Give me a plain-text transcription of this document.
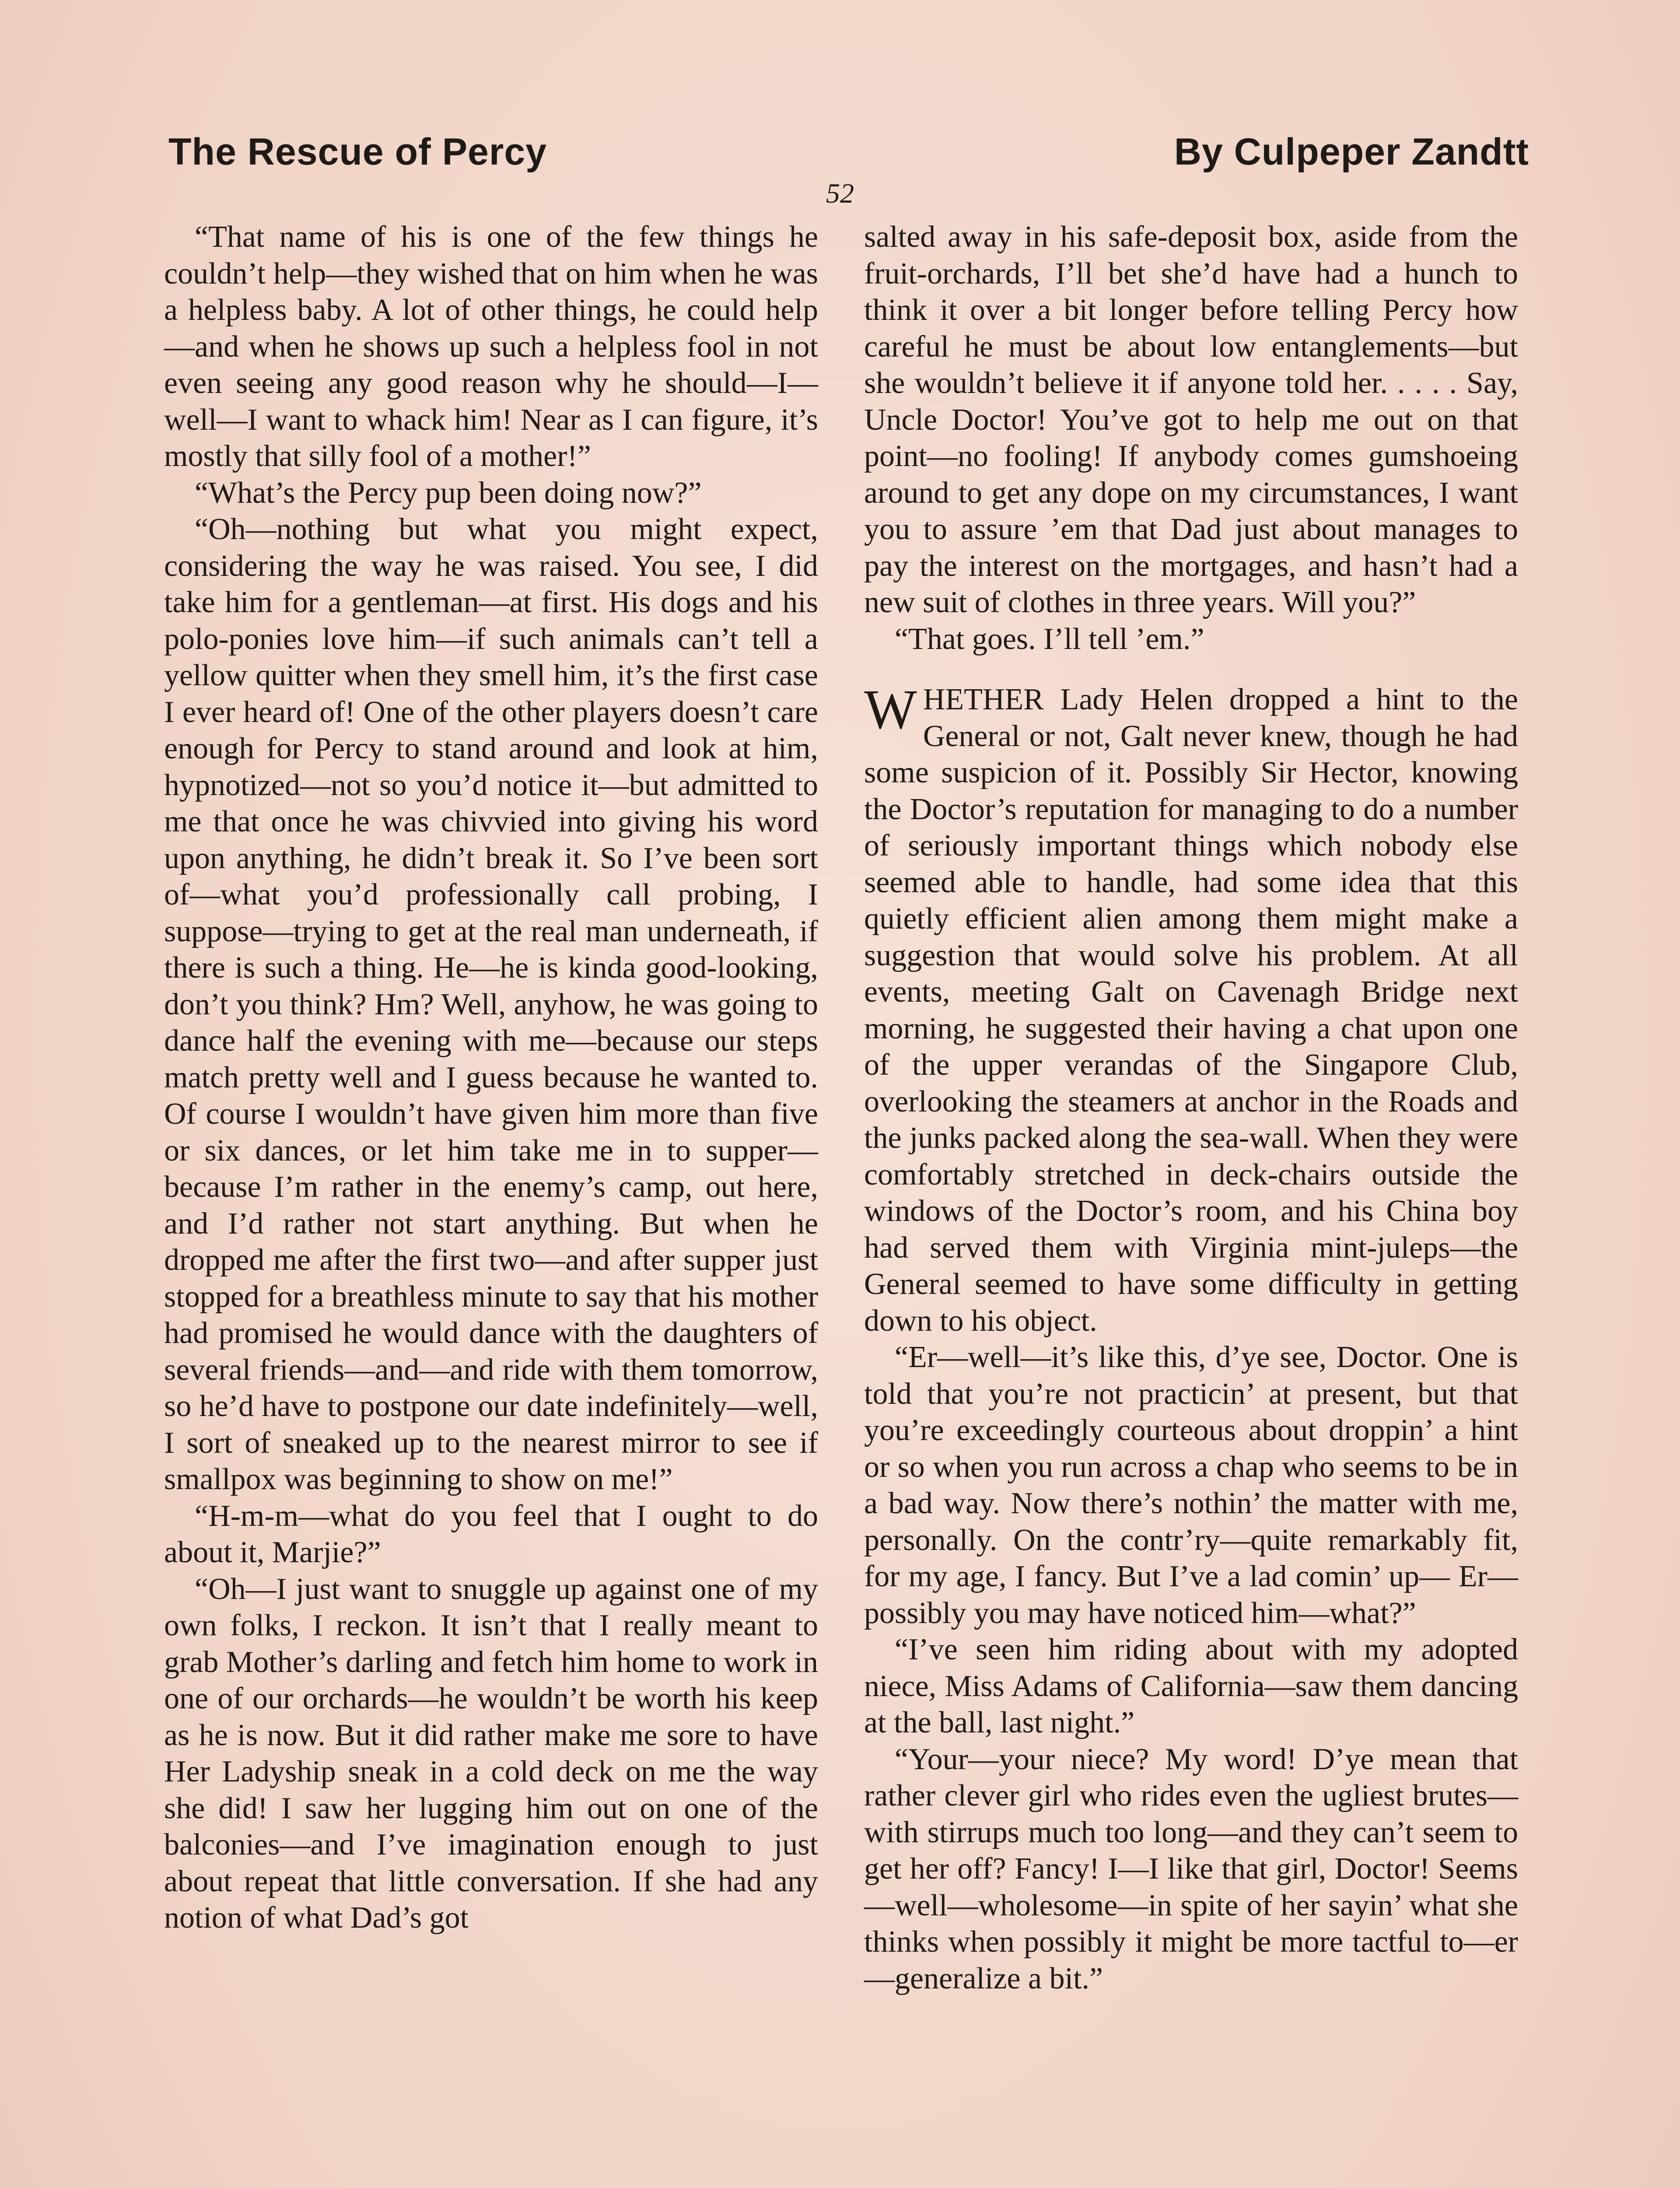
The Rescue of Percy	By Culpeper Zandtt
52

“That name of his is one of the few things he couldn’t help—they wished that on him when he was a helpless baby. A lot of other things, he could help—and when he shows up such a helpless fool in not even seeing any good reason why he should—I—well—I want to whack him! Near as I can figure, it’s mostly that silly fool of a mother!”

“What’s the Percy pup been doing now?”

“Oh—nothing but what you might expect, considering the way he was raised. You see, I did take him for a gentleman—at first. His dogs and his polo-ponies love him—if such animals can’t tell a yellow quitter when they smell him, it’s the first case I ever heard of! One of the other players doesn’t care enough for Percy to stand around and look at him, hypnotized—not so you’d notice it—but admitted to me that once he was chivvied into giving his word upon anything, he didn’t break it. So I’ve been sort of—what you’d professionally call probing, I suppose—trying to get at the real man underneath, if there is such a thing. He—he is kinda good-looking, don’t you think? Hm? Well, anyhow, he was going to dance half the evening with me—because our steps match pretty well and I guess because he wanted to. Of course I wouldn’t have given him more than five or six dances, or let him take me in to supper—because I’m rather in the enemy’s camp, out here, and I’d rather not start anything. But when he dropped me after the first two—and after supper just stopped for a breathless minute to say that his mother had promised he would dance with the daughters of several friends—and—and ride with them tomorrow, so he’d have to postpone our date indefinitely—well, I sort of sneaked up to the nearest mirror to see if smallpox was beginning to show on me!”

“H-m-m—what do you feel that I ought to do about it, Marjie?”

“Oh—I just want to snuggle up against one of my own folks, I reckon. It isn’t that I really meant to grab Mother’s darling and fetch him home to work in one of our orchards—he wouldn’t be worth his keep as he is now. But it did rather make me sore to have Her Ladyship sneak in a cold deck on me the way she did! I saw her lugging him out on one of the balconies—and I’ve imagination enough to just about repeat that little conversation. If she had any notion of what Dad’s got

salted away in his safe-deposit box, aside from the fruit-orchards, I’ll bet she’d have had a hunch to think it over a bit longer before telling Percy how careful he must be about low entanglements—but she wouldn’t believe it if anyone told her. . . . . Say, Uncle Doctor! You’ve got to help me out on that point—no fooling! If anybody comes gumshoeing around to get any dope on my circumstances, I want you to assure ’em that Dad just about manages to pay the interest on the mortgages, and hasn’t had a new suit of clothes in three years. Will you?”

“That goes. I’ll tell ’em.”

WHETHER Lady Helen dropped a hint to the General or not, Galt never knew, though he had some suspicion of it. Possibly Sir Hector, knowing the Doctor’s reputation for managing to do a number of seriously important things which nobody else seemed able to handle, had some idea that this quietly efficient alien among them might make a suggestion that would solve his problem. At all events, meeting Galt on Cavenagh Bridge next morning, he suggested their having a chat upon one of the upper verandas of the Singapore Club, overlooking the steamers at anchor in the Roads and the junks packed along the sea-wall. When they were comfortably stretched in deck-chairs outside the windows of the Doctor’s room, and his China boy had served them with Virginia mint-juleps—the General seemed to have some difficulty in getting down to his object.

“Er—well—it’s like this, d’ye see, Doctor. One is told that you’re not practicin’ at present, but that you’re exceedingly courteous about droppin’ a hint or so when you run across a chap who seems to be in a bad way. Now there’s nothin’ the matter with me, personally. On the contr’ry—quite remarkably fit, for my age, I fancy. But I’ve a lad comin’ up— Er—possibly you may have noticed him—what?”

“I’ve seen him riding about with my adopted niece, Miss Adams of California—saw them dancing at the ball, last night.”

“Your—your niece? My word! D’ye mean that rather clever girl who rides even the ugliest brutes—with stirrups much too long—and they can’t seem to get her off? Fancy! I—I like that girl, Doctor! Seems—well—wholesome—in spite of her sayin’ what she thinks when possibly it might be more tactful to—er—generalize a bit.”
